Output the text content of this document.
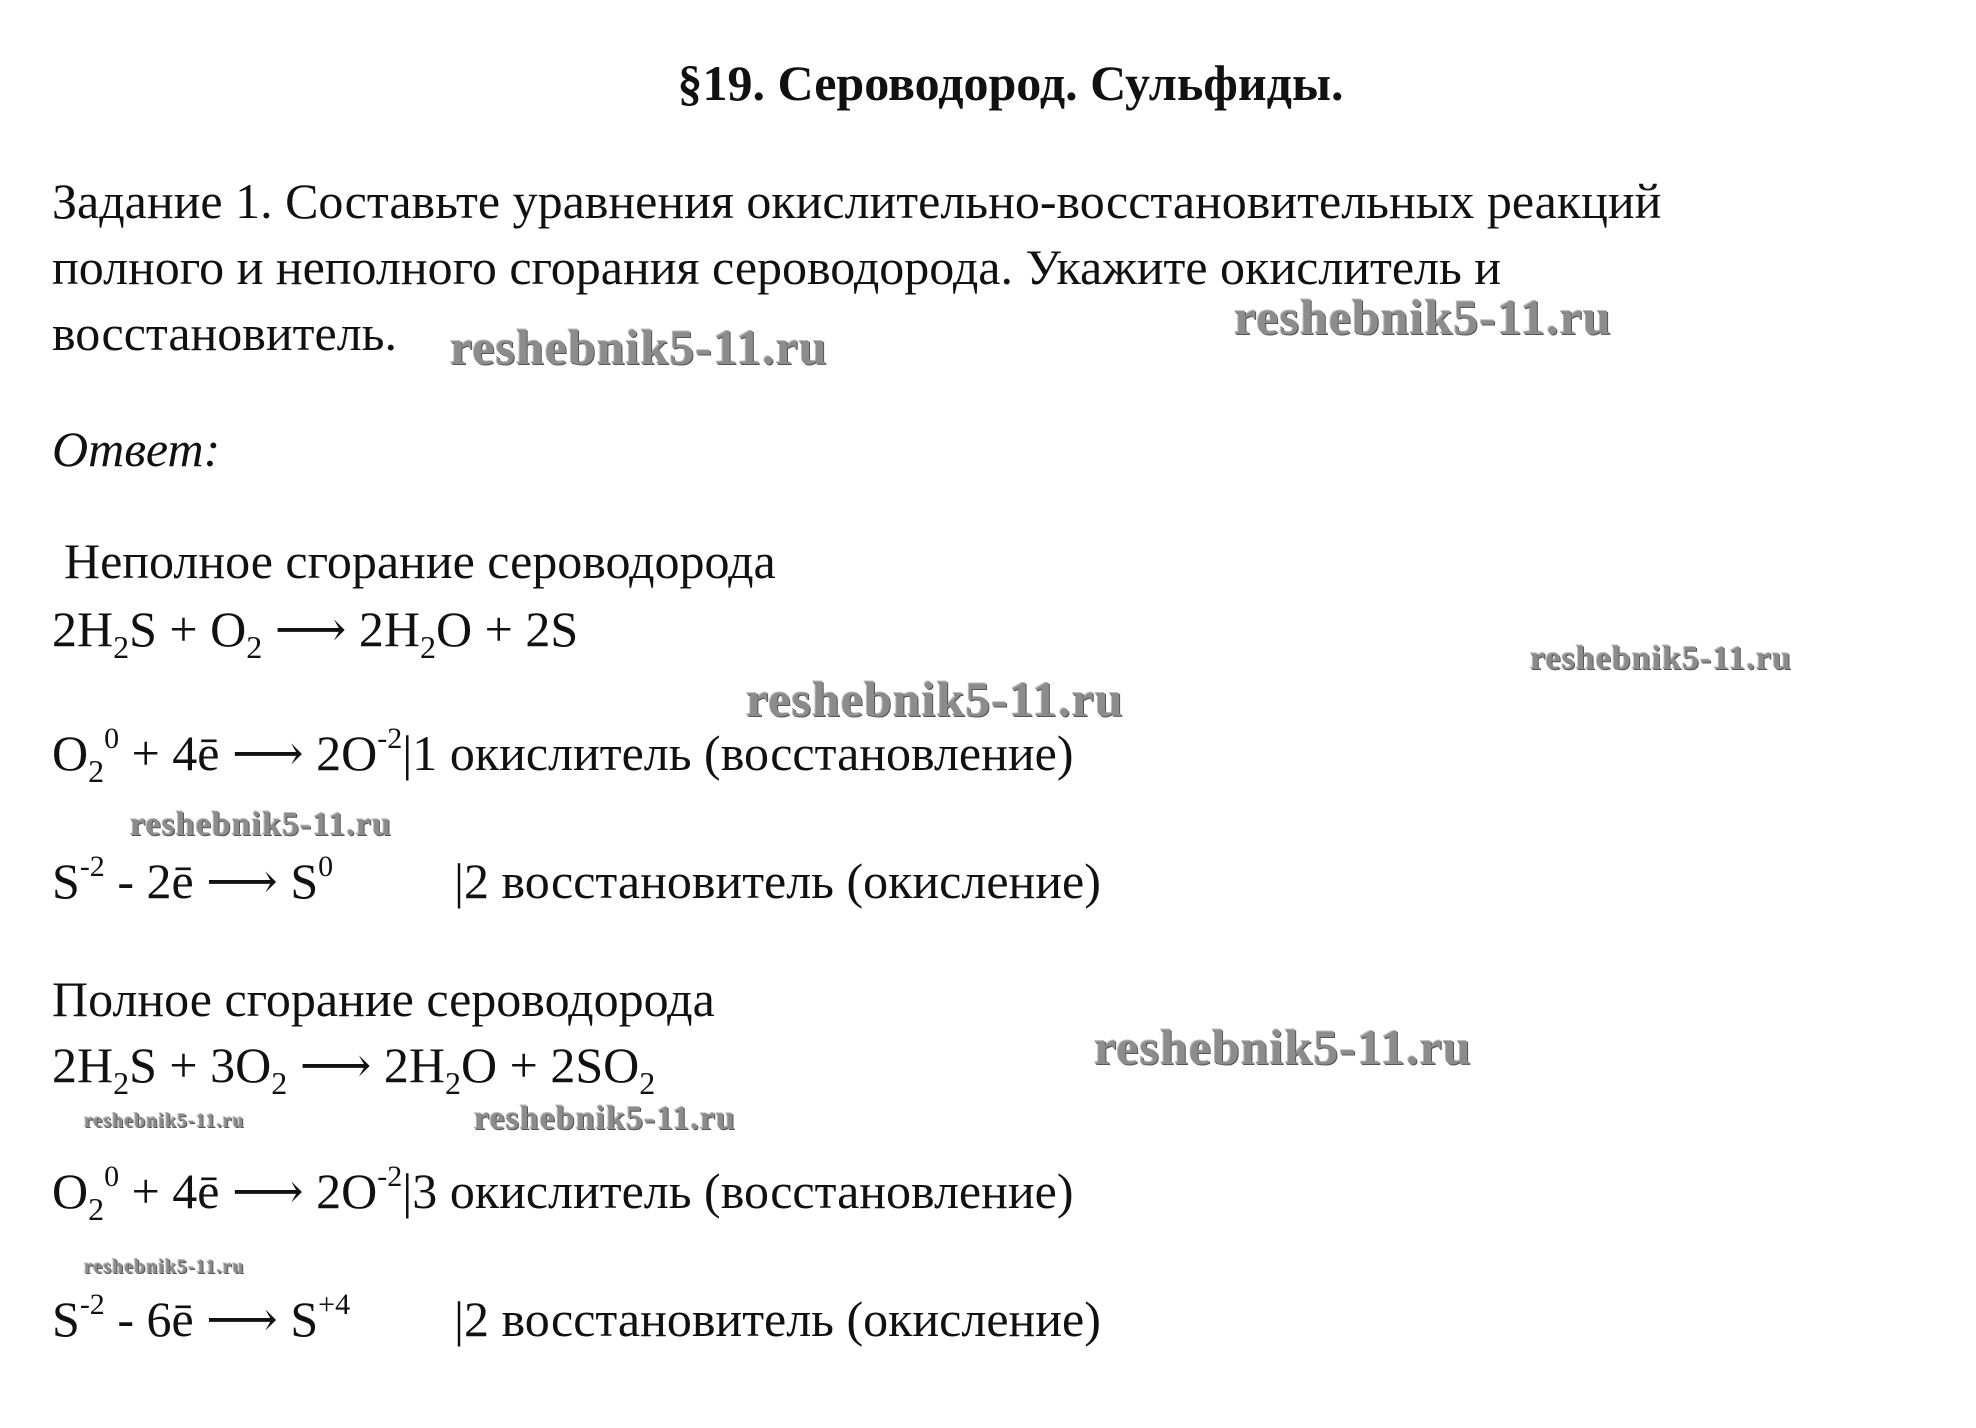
§19. Сероводород. Сульфиды.
Задание 1. Составьте уравнения окислительно-восстановительных реакций
полного и неполного сгорания сероводорода. Укажите окислитель и
восстановитель.
Ответ:
Неполное сгорание сероводорода
$2H_2S + O_2$ ⟶ $2H_2O + 2S$
$O_2^0$ + 4ē ⟶ $2O^{-2}|1$ окислитель (восстановление)
$S^{-2}$ - 2ē ⟶ $S^0$ |2 восстановитель (окисление)
Полное сгорание сероводорода
$2H_2S + 3O_2$ ⟶ $2H_2O + 2SO_2$
$O_2^0$ + 4ē ⟶ $2O^{-2}|3$ окислитель (восстановление)
$S^{-2}$ - 6ē ⟶ $S^{+4}$ |2 восстановитель (окисление)
reshebnik5-11.ru
reshebnik5-11.ru
reshebnik5-11.ru
reshebnik5-11.ru
reshebnik5-11.ru
reshebnik5-11.ru
reshebnik5-11.ru	reshebnik5-11.ru
reshebnik5-11.ru
